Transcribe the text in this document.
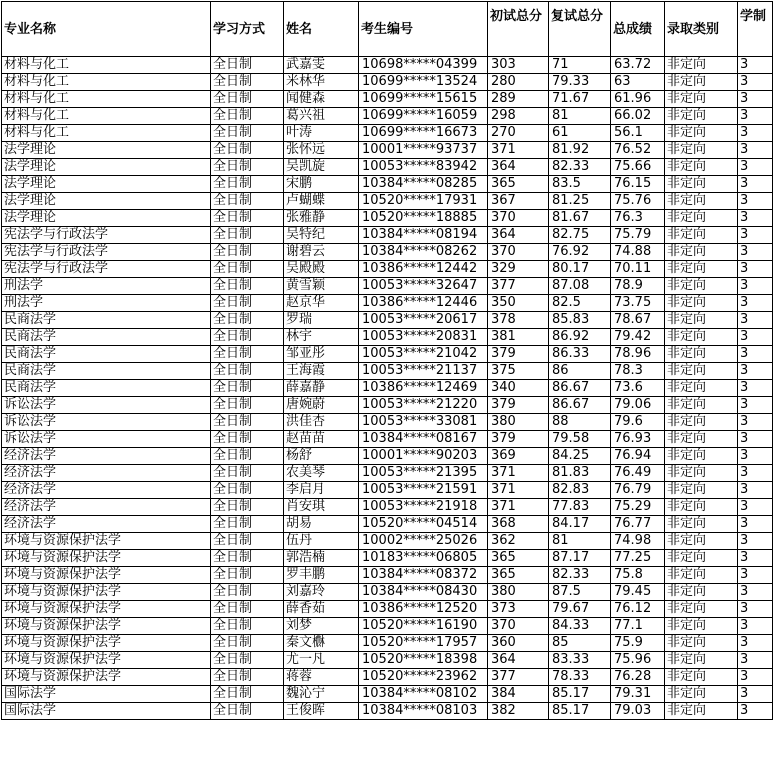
专业名称	学习方式	姓名	考生编号	初试总分	复试总分	总成绩	录取类别	学制
材料与化工	全日制	武嘉雯	10698*****04399	303	71	63.72	非定向	3
材料与化工	全日制	米林华	10699*****13524	280	79.33	63	非定向	3
材料与化工	全日制	闻健森	10699*****15615	289	71.67	61.96	非定向	3
材料与化工	全日制	葛兴祖	10699*****16059	298	81	66.02	非定向	3
材料与化工	全日制	叶涛	10699*****16673	270	61	56.1	非定向	3
法学理论	全日制	张怀远	10001*****93737	371	81.92	76.52	非定向	3
法学理论	全日制	吴凯旋	10053*****83942	364	82.33	75.66	非定向	3
法学理论	全日制	宋鹏	10384*****08285	365	83.5	76.15	非定向	3
法学理论	全日制	卢蝴蝶	10520*****17931	367	81.25	75.76	非定向	3
法学理论	全日制	张雅静	10520*****18885	370	81.67	76.3	非定向	3
宪法学与行政法学	全日制	吴特纪	10384*****08194	364	82.75	75.79	非定向	3
宪法学与行政法学	全日制	谢碧云	10384*****08262	370	76.92	74.88	非定向	3
宪法学与行政法学	全日制	吴殿殿	10386*****12442	329	80.17	70.11	非定向	3
刑法学	全日制	黄雪颖	10053*****32647	377	87.08	78.9	非定向	3
刑法学	全日制	赵京华	10386*****12446	350	82.5	73.75	非定向	3
民商法学	全日制	罗瑞	10053*****20617	378	85.83	78.67	非定向	3
民商法学	全日制	林宇	10053*****20831	381	86.92	79.42	非定向	3
民商法学	全日制	邹亚彤	10053*****21042	379	86.33	78.96	非定向	3
民商法学	全日制	王海霞	10053*****21137	375	86	78.3	非定向	3
民商法学	全日制	薛嘉静	10386*****12469	340	86.67	73.6	非定向	3
诉讼法学	全日制	唐婉蔚	10053*****21220	379	86.67	79.06	非定向	3
诉讼法学	全日制	洪佳杏	10053*****33081	380	88	79.6	非定向	3
诉讼法学	全日制	赵苗苗	10384*****08167	379	79.58	76.93	非定向	3
经济法学	全日制	杨舒	10001*****90203	369	84.25	76.94	非定向	3
经济法学	全日制	农美琴	10053*****21395	371	81.83	76.49	非定向	3
经济法学	全日制	李启月	10053*****21591	371	82.83	76.79	非定向	3
经济法学	全日制	肖安琪	10053*****21918	371	77.83	75.29	非定向	3
经济法学	全日制	胡易	10520*****04514	368	84.17	76.77	非定向	3
环境与资源保护法学	全日制	伍丹	10002*****25026	362	81	74.98	非定向	3
环境与资源保护法学	全日制	郭浩楠	10183*****06805	365	87.17	77.25	非定向	3
环境与资源保护法学	全日制	罗丰鹏	10384*****08372	365	82.33	75.8	非定向	3
环境与资源保护法学	全日制	刘嘉玲	10384*****08430	380	87.5	79.45	非定向	3
环境与资源保护法学	全日制	薛香茹	10386*****12520	373	79.67	76.12	非定向	3
环境与资源保护法学	全日制	刘梦	10520*****16190	370	84.33	77.1	非定向	3
环境与资源保护法学	全日制	秦文欁	10520*****17957	360	85	75.9	非定向	3
环境与资源保护法学	全日制	尤一凡	10520*****18398	364	83.33	75.96	非定向	3
环境与资源保护法学	全日制	蒋蓉	10520*****23962	377	78.33	76.28	非定向	3
国际法学	全日制	魏沁宁	10384*****08102	384	85.17	79.31	非定向	3
国际法学	全日制	王俊晖	10384*****08103	382	85.17	79.03	非定向	3
